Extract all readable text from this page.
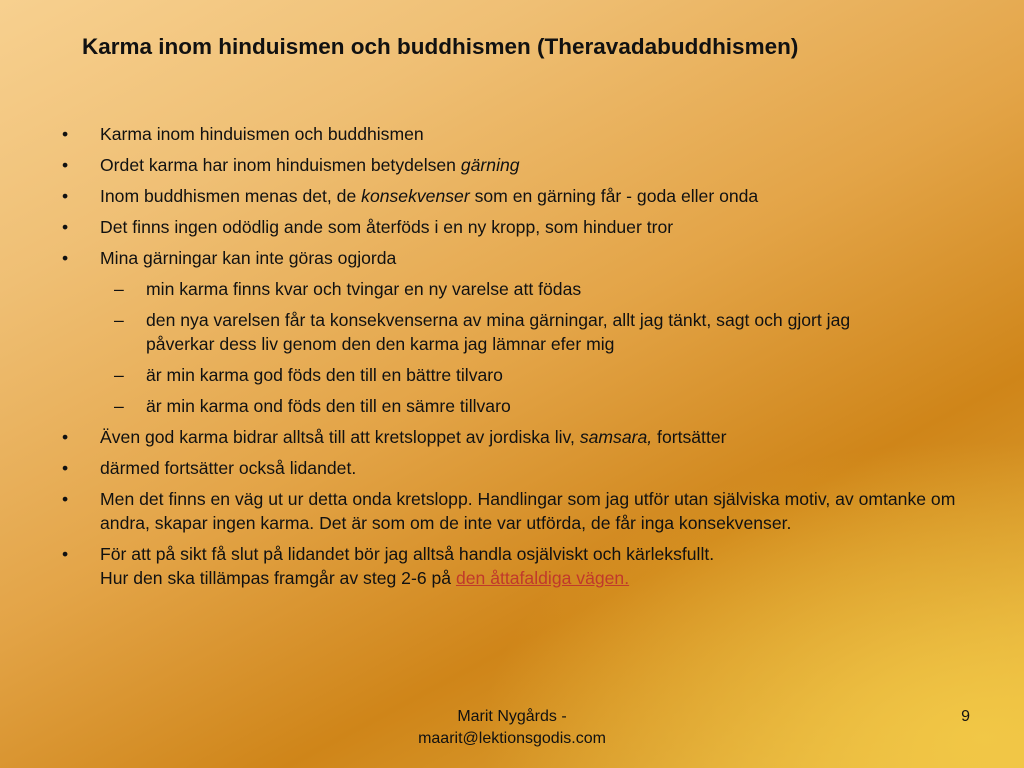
Karma inom hinduismen och buddhismen (Theravadabuddhismen)
• Karma inom hinduismen och buddhismen
• Ordet karma har inom hinduismen betydelsen gärning
• Inom buddhismen menas det, de konsekvenser som en gärning får - goda eller onda
• Det finns ingen odödlig ande som återföds i en ny kropp, som hinduer tror
• Mina gärningar kan inte göras ogjorda
– min karma finns kvar och tvingar en ny varelse att födas
– den nya varelsen får ta konsekvenserna av mina gärningar, allt jag tänkt, sagt och gjort jag påverkar dess liv genom den den karma jag lämnar efer mig
– är min karma god föds den till en bättre tilvaro
– är min karma ond föds den till en sämre tillvaro
• Även god karma bidrar alltså till att kretsloppet av jordiska liv, samsara, fortsätter
• därmed fortsätter också lidandet.
• Men det finns en väg ut ur detta onda kretslopp. Handlingar som jag utför utan själviska motiv, av omtanke om andra, skapar ingen karma. Det är som om de inte var utförda, de får inga konsekvenser.
• För att på sikt få slut på lidandet bör jag alltså handla osjälviskt och kärleksfullt.
Hur den ska tillämpas framgår av steg 2-6 på den åttafaldiga vägen.
Marit Nygårds -
maarit@lektionsgodis.com
9
